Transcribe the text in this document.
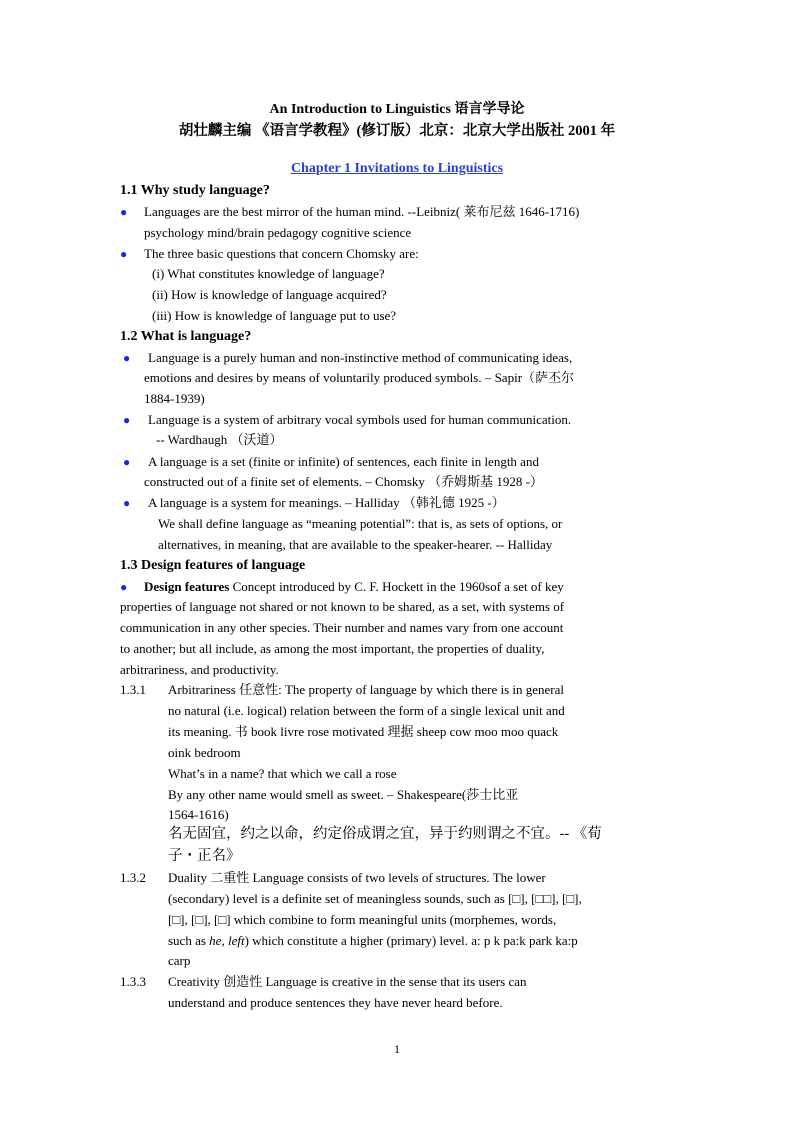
An Introduction to Linguistics 语言学导论
胡壮麟主编 《语言学教程》(修订版）北京：北京大学出版社 2001 年
Chapter 1 Invitations to Linguistics
1.1 Why study language?
● Languages are the best mirror of the human mind. --Leibniz( 莱布尼兹 1646-1716)
psychology mind/brain pedagogy cognitive science
● The three basic questions that concern Chomsky are:
(i) What constitutes knowledge of language?
(ii) How is knowledge of language acquired?
(iii) How is knowledge of language put to use?
1.2 What is language?
● Language is a purely human and non-instinctive method of communicating ideas,
emotions and desires by means of voluntarily produced symbols. – Sapir（萨丕尔
1884-1939)
● Language is a system of arbitrary vocal symbols used for human communication.
-- Wardhaugh （沃道）
● A language is a set (finite or infinite) of sentences, each finite in length and
constructed out of a finite set of elements. – Chomsky （乔姆斯基 1928 -）
● A language is a system for meanings. – Halliday （韩礼德 1925 -）
We shall define language as “meaning potential”: that is, as sets of options, or
alternatives, in meaning, that are available to the speaker-hearer. -- Halliday
1.3 Design features of language
● Design features Concept introduced by C. F. Hockett in the 1960sof a set of key
properties of language not shared or not known to be shared, as a set, with systems of
communication in any other species. Their number and names vary from one account
to another; but all include, as among the most important, the properties of duality,
arbitrariness, and productivity.
1.3.1 Arbitrariness 任意性: The property of language by which there is in general
no natural (i.e. logical) relation between the form of a single lexical unit and
its meaning. 书 book livre rose motivated 理据 sheep cow moo moo quack
oink bedroom
What’s in a name? that which we call a rose
By any other name would smell as sweet. – Shakespeare(莎士比亚
1564-1616)
名无固宜，约之以命，约定俗成谓之宜，异于约则谓之不宜。-- 《荀
子・正名》
1.3.2 Duality 二重性 Language consists of two levels of structures. The lower
(secondary) level is a definite set of meaningless sounds, such as [□], [□□], [□],
[□], [□], [□] which combine to form meaningful units (morphemes, words,
such as he, left) which constitute a higher (primary) level. a: p k pa:k park ka:p
carp
1.3.3 Creativity 创造性 Language is creative in the sense that its users can
understand and produce sentences they have never heard before.
1
